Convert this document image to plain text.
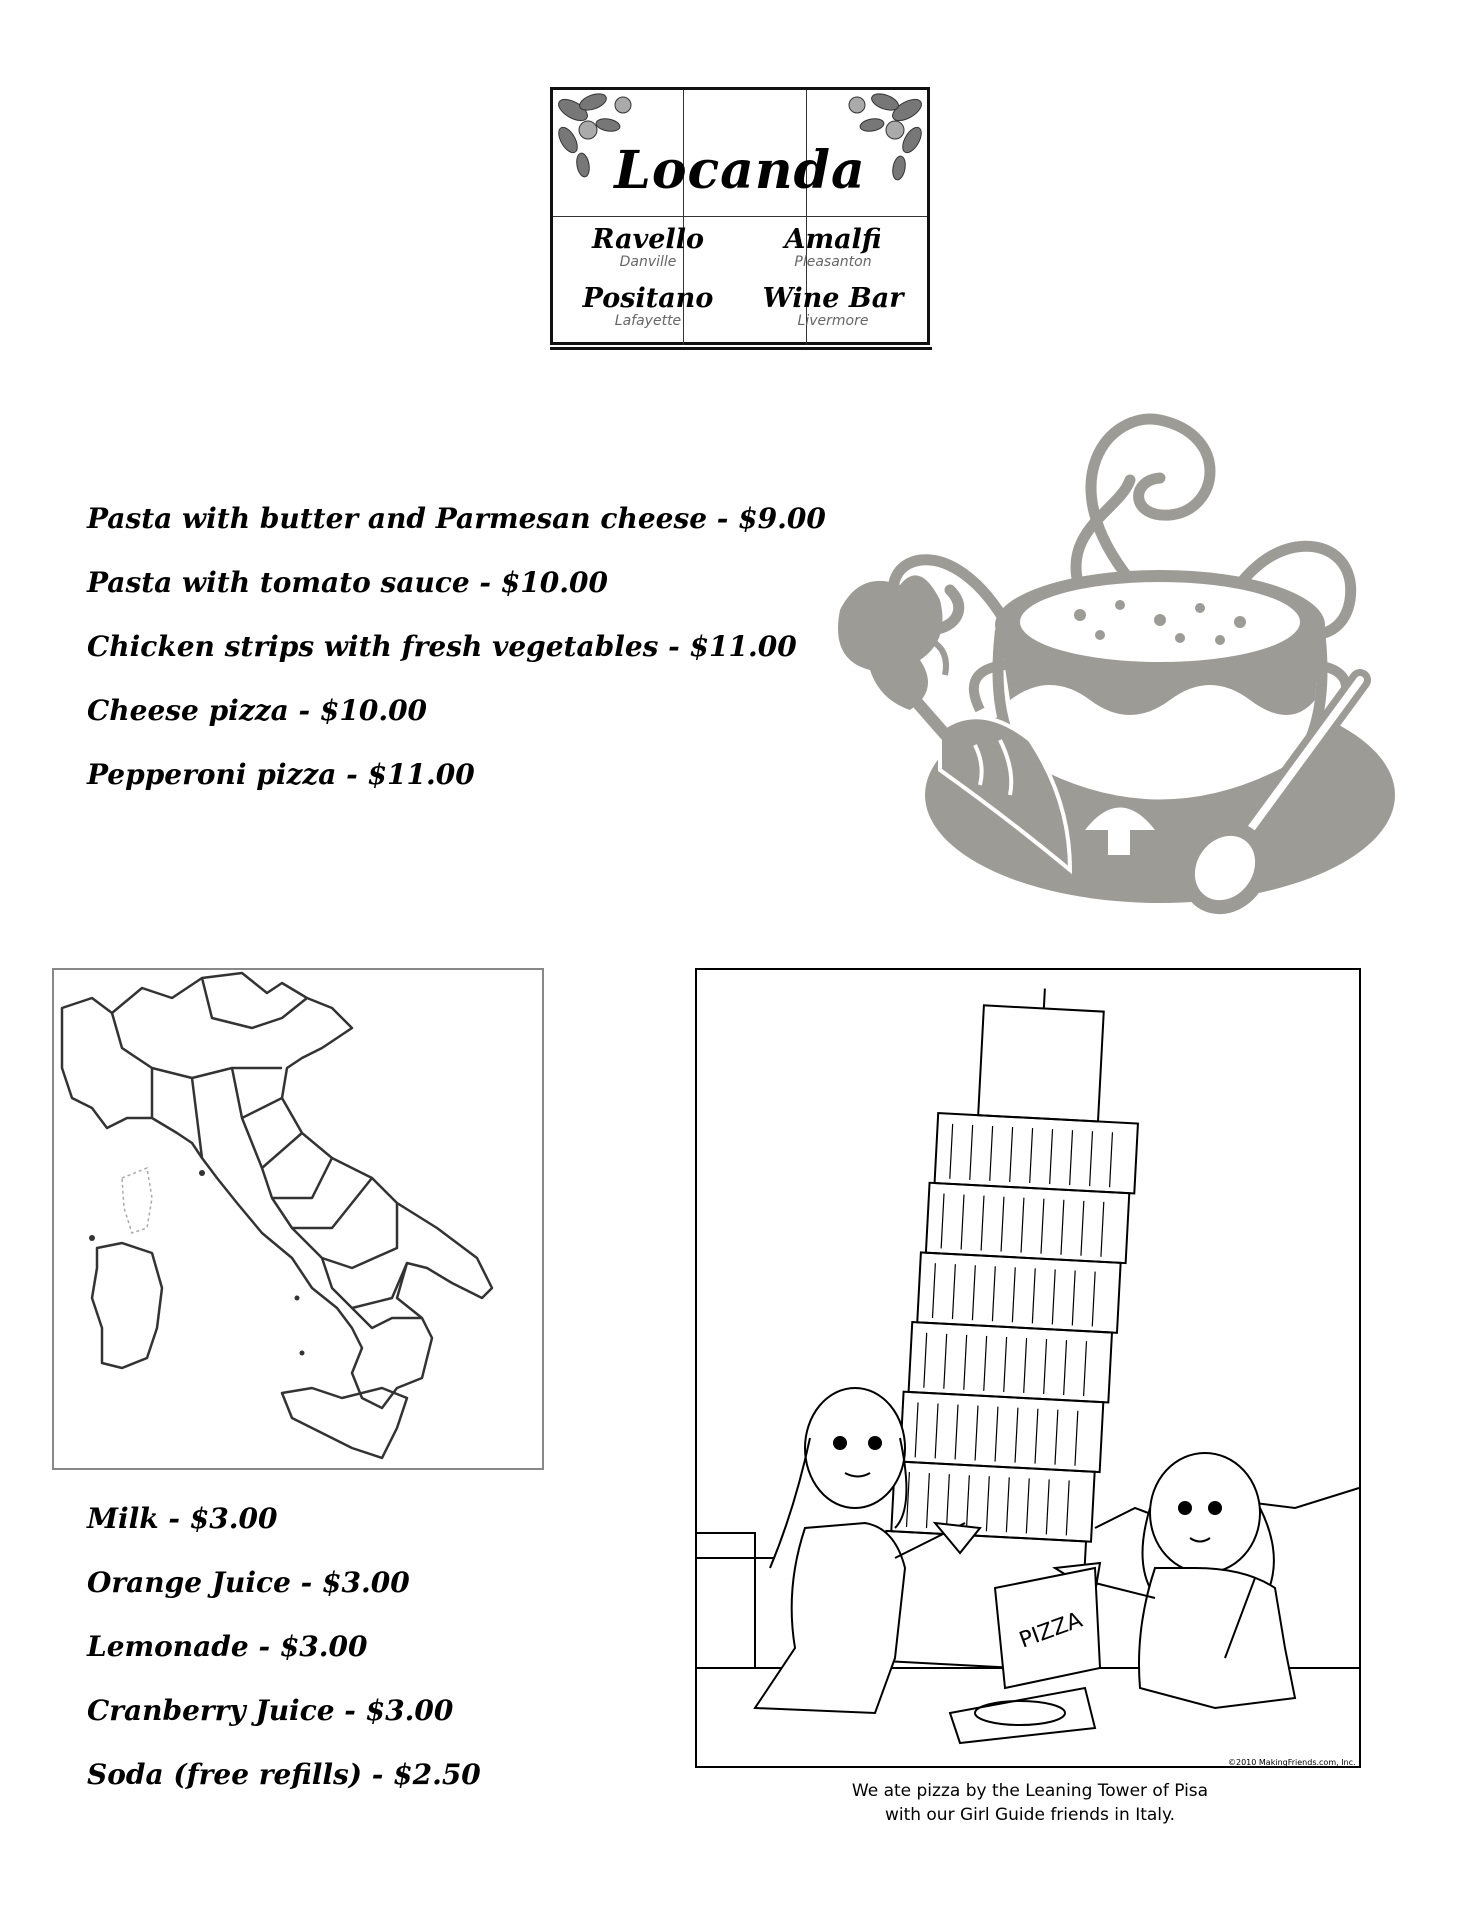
Locanda
Ravello
Danville
Amalfi
Pleasanton
Positano
Lafayette
Wine Bar
Livermore
Pasta with butter and Parmesan cheese - $9.00
Pasta with tomato sauce - $10.00
Chicken strips with fresh vegetables - $11.00
Cheese pizza - $10.00
Pepperoni pizza - $11.00
PIZZA
©2010 MakingFriends.com, Inc.
We ate pizza by the Leaning Tower of Pisa
with our Girl Guide friends in Italy.
Milk - $3.00
Orange Juice - $3.00
Lemonade - $3.00
Cranberry Juice - $3.00
Soda (free refills) - $2.50
